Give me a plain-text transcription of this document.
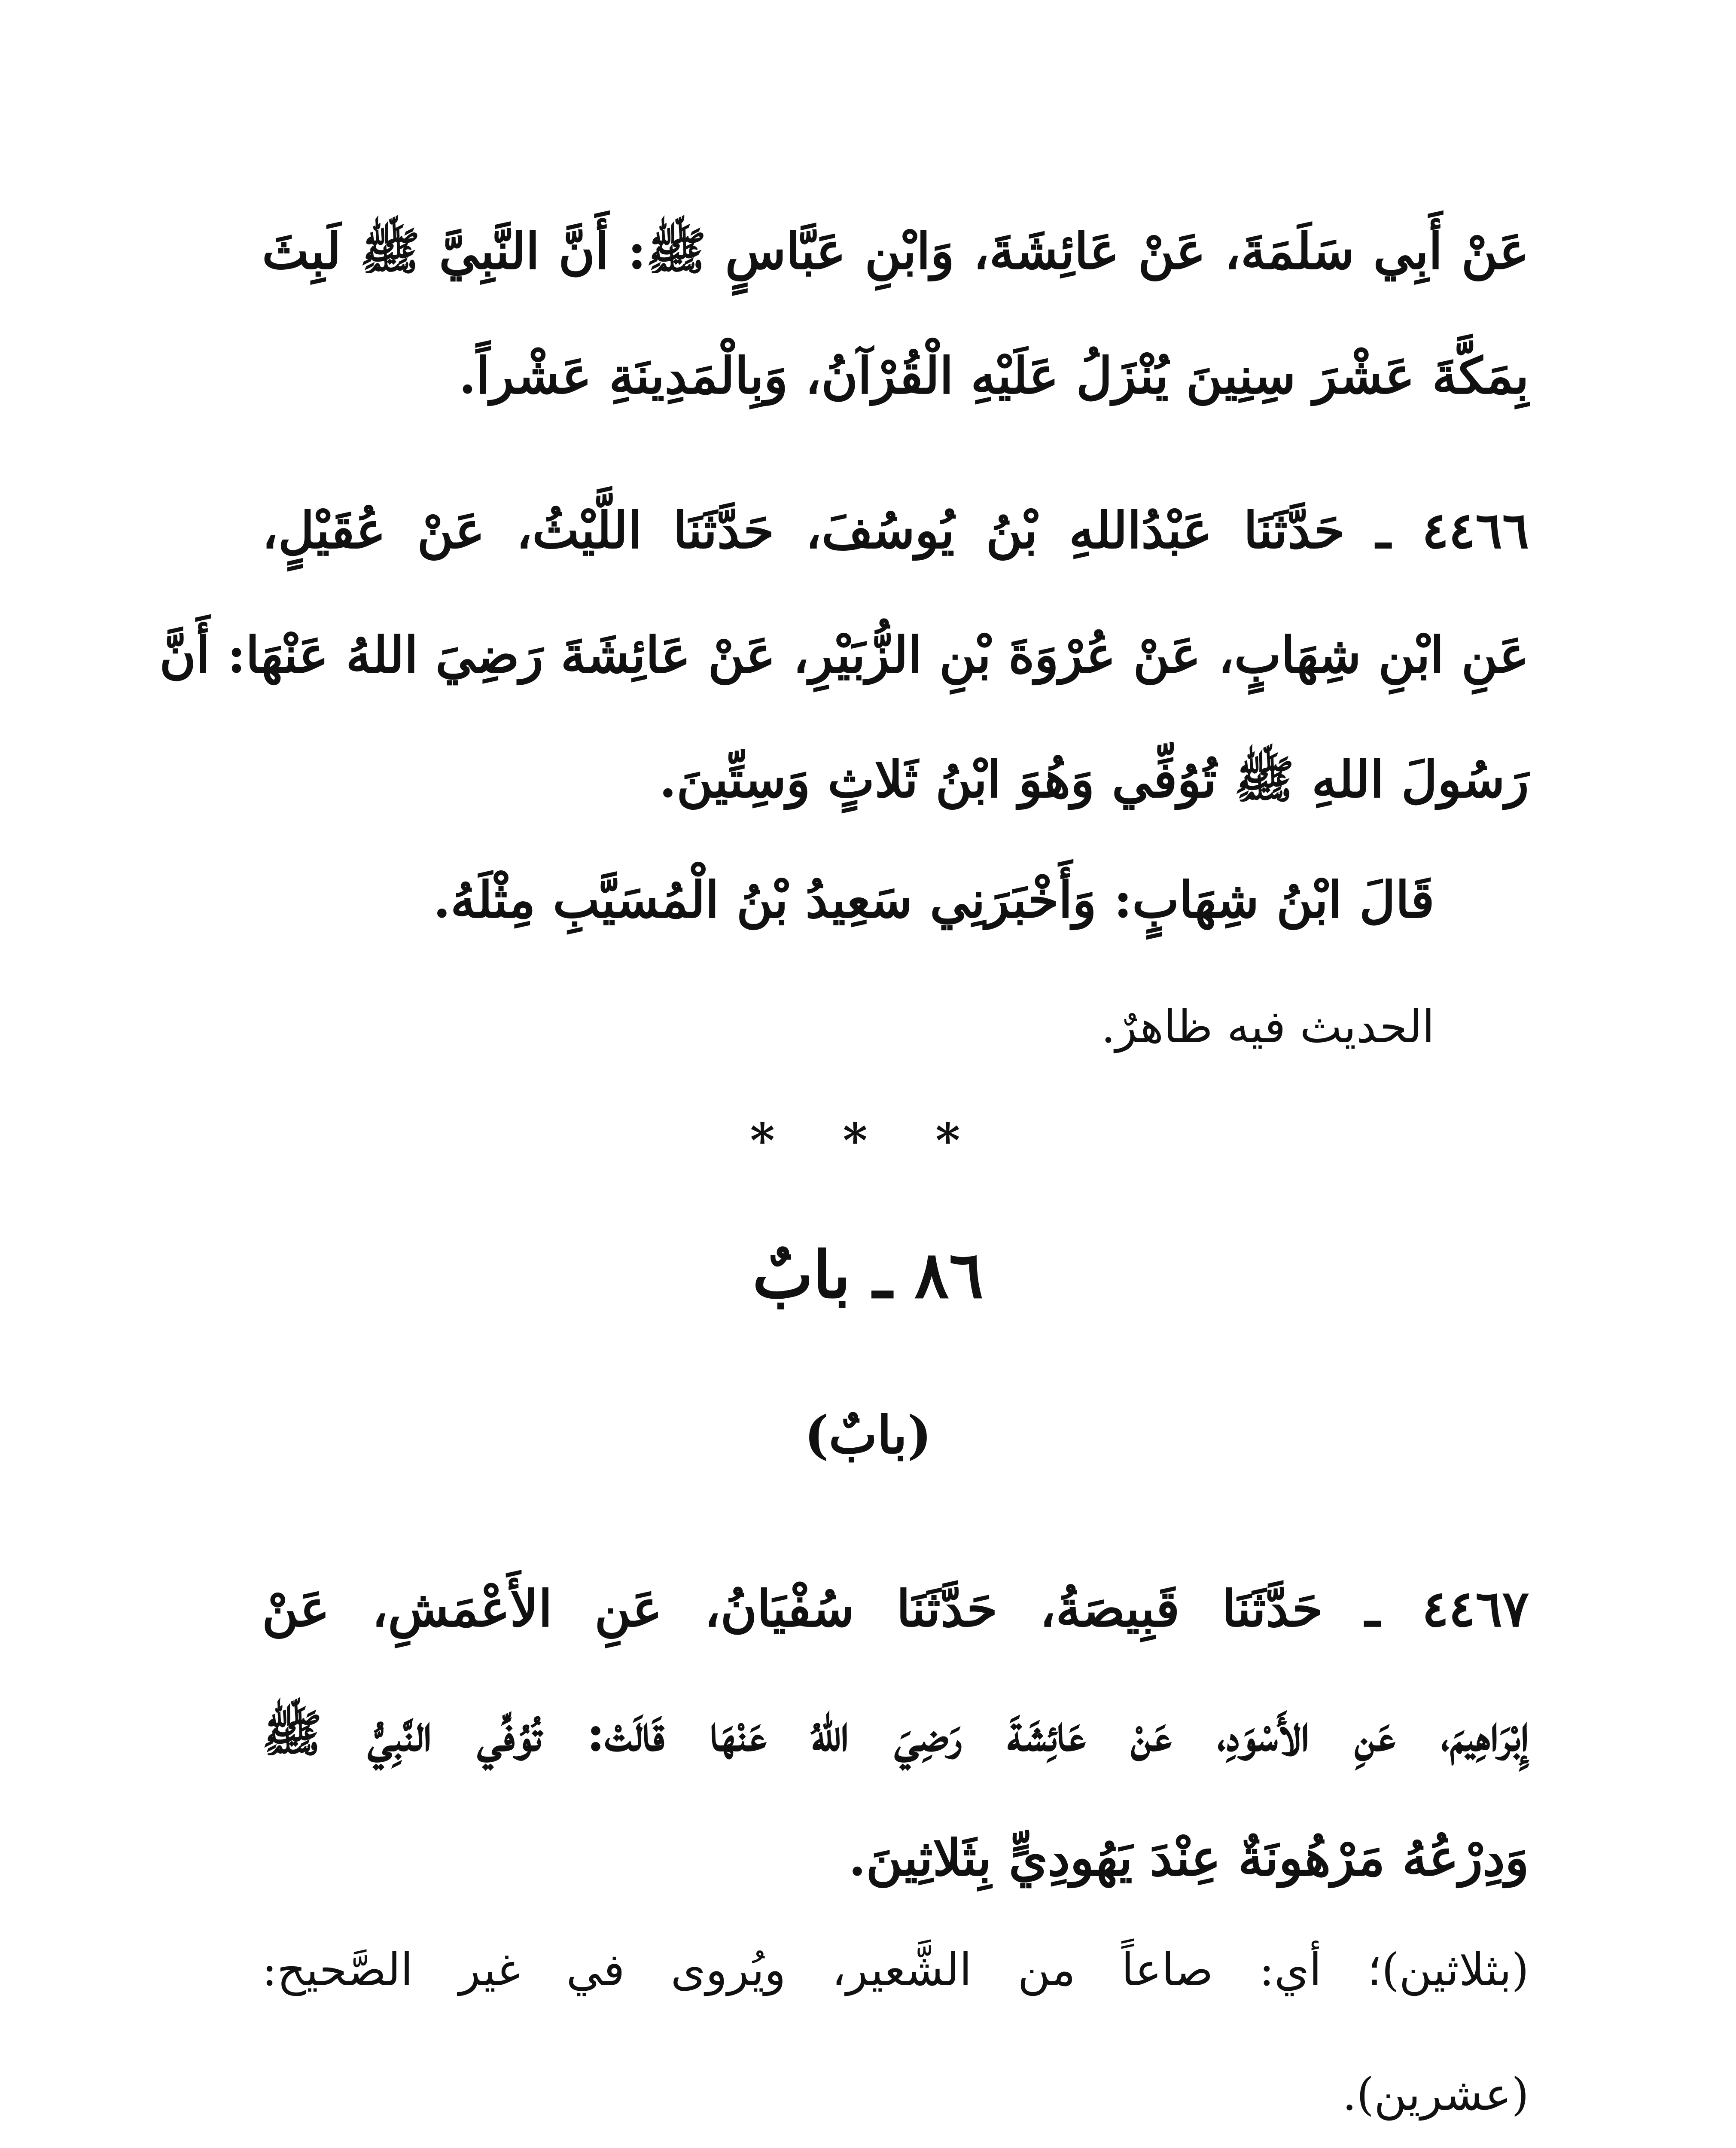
عَنْ أَبِي سَلَمَةَ، عَنْ عَائِشَةَ، وَابْنِ عَبَّاسٍ ﷺ: أَنَّ النَّبِيَّ ﷺ لَبِثَ
بِمَكَّةَ عَشْرَ سِنِينَ يُنْزَلُ عَلَيْهِ الْقُرْآنُ، وَبِالْمَدِينَةِ عَشْراً.
٤٤٦٦ ـ حَدَّثَنَا عَبْدُاللهِ بْنُ يُوسُفَ، حَدَّثَنَا اللَّيْثُ، عَنْ عُقَيْلٍ،
عَنِ ابْنِ شِهَابٍ، عَنْ عُرْوَةَ بْنِ الزُّبَيْرِ، عَنْ عَائِشَةَ رَضِيَ اللهُ عَنْهَا: أَنَّ
رَسُولَ اللهِ ﷺ تُوُفِّي وَهُوَ ابْنُ ثَلاثٍ وَسِتِّينَ.
قَالَ ابْنُ شِهَابٍ: وَأَخْبَرَنِي سَعِيدُ بْنُ الْمُسَيَّبِ مِثْلَهُ.
الحديث فيه ظاهرٌ.
* * *
٨٦ ـ بابٌ
(بابٌ)
٤٤٦٧ ـ حَدَّثَنَا قَبِيصَةُ، حَدَّثَنَا سُفْيَانُ، عَنِ الأَعْمَشِ، عَنْ
إِبْرَاهِيمَ، عَنِ الأَسْوَدِ، عَنْ عَائِشَةَ رَضِيَ اللهُ عَنْهَا قَالَتْ: تُوُفِّي النَّبِيُّ ﷺ
وَدِرْعُهُ مَرْهُونَةٌ عِنْدَ يَهُودِيٍّ بِثَلاثِينَ.
(بثلاثين)؛ أي: صاعاً من الشَّعير، ويُروى في غير الصَّحيح:
(عشرين).
